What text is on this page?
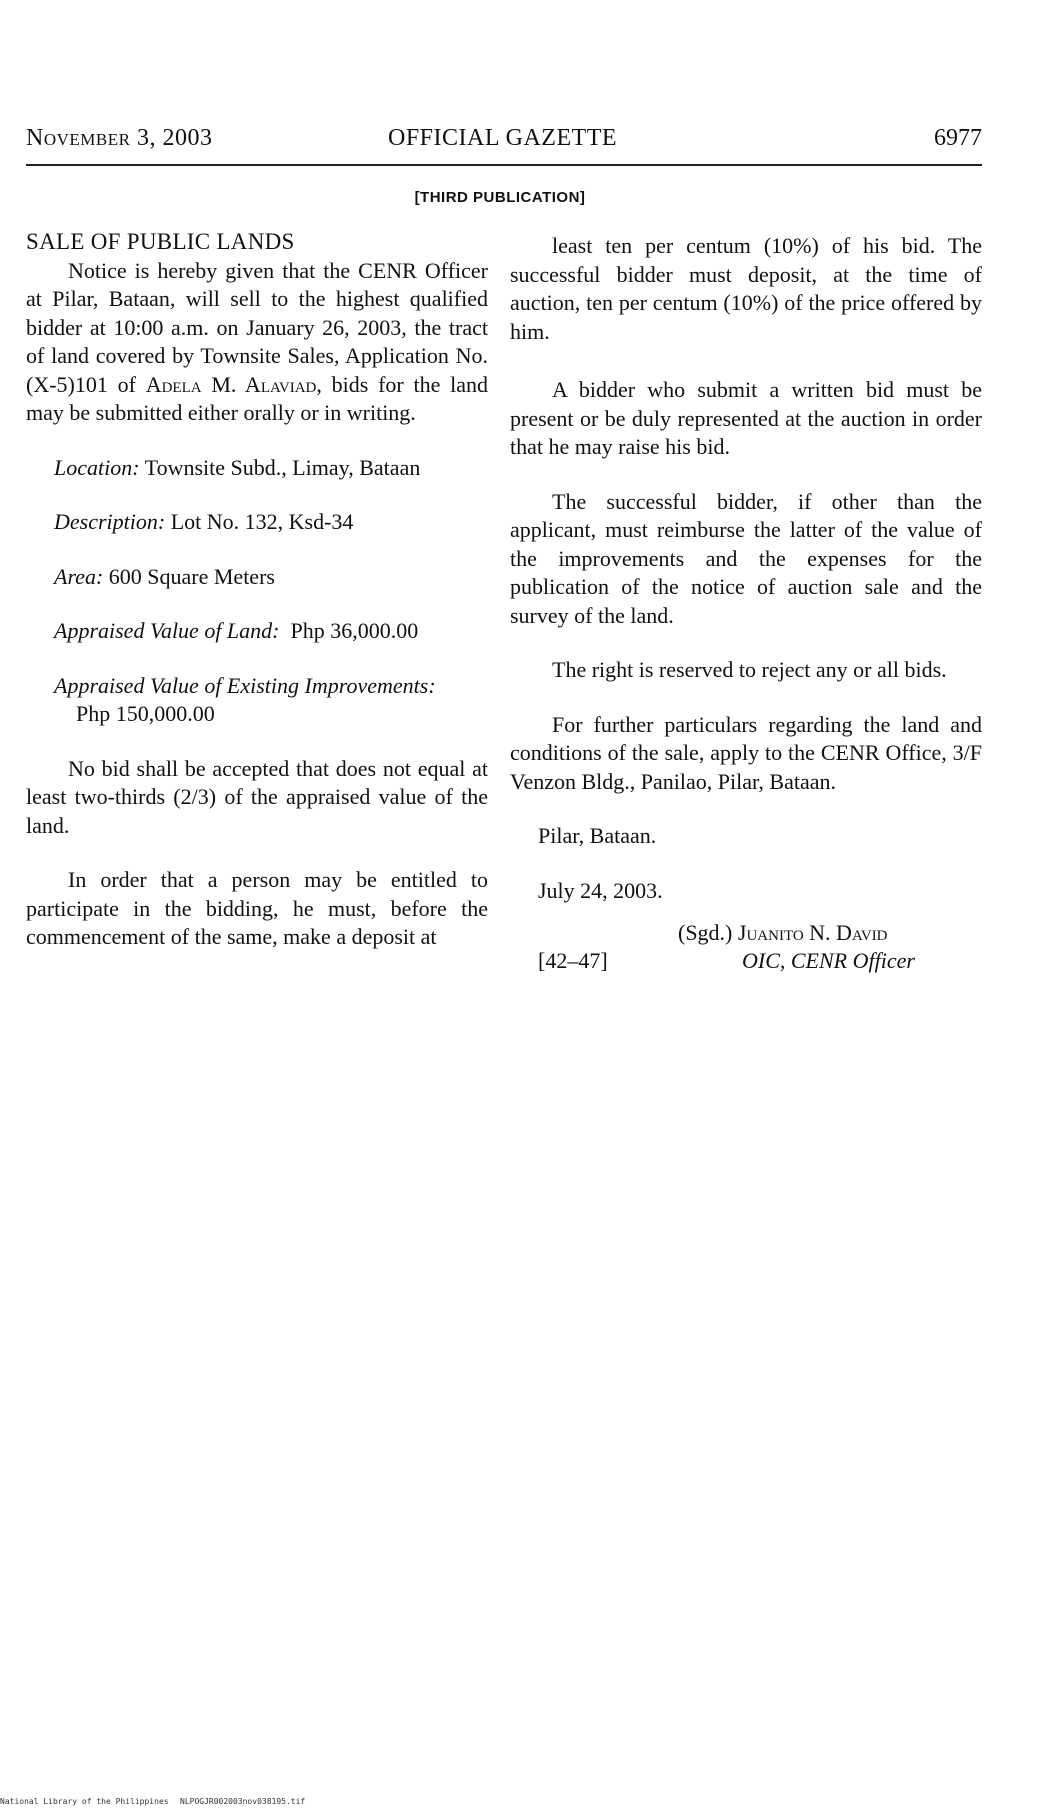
November 3, 2003	OFFICIAL GAZETTE	6977
[THIRD PUBLICATION]

SALE OF PUBLIC LANDS

Notice is hereby given that the CENR Officer at Pilar, Bataan, will sell to the highest qualified bidder at 10:00 a.m. on January 26, 2003, the tract of land covered by Townsite Sales, Application No. (X-5)101 of Adela M. Alaviad, bids for the land may be submitted either orally or in writing.

Location: Townsite Subd., Limay, Bataan

Description: Lot No. 132, Ksd-34

Area: 600 Square Meters

Appraised Value of Land: Php 36,000.00

Appraised Value of Existing Improvements:

Php 150,000.00

No bid shall be accepted that does not equal at least two-thirds (2/3) of the appraised value of the land.

In order that a person may be entitled to participate in the bidding, he must, before the commencement of the same, make a deposit at

least ten per centum (10%) of his bid. The successful bidder must deposit, at the time of auction, ten per centum (10%) of the price offered by him.

A bidder who submit a written bid must be present or be duly represented at the auction in order that he may raise his bid.

The successful bidder, if other than the applicant, must reimburse the latter of the value of the improvements and the expenses for the publication of the notice of auction sale and the survey of the land.

The right is reserved to reject any or all bids.

For further particulars regarding the land and conditions of the sale, apply to the CENR Office, 3/F Venzon Bldg., Panilao, Pilar, Bataan.

Pilar, Bataan.

July 24, 2003.

(Sgd.) Juanito N. David
[42–47]	OIC, CENR Officer
National Library of the Philippines NLPOGJR002003nov038195.tif
